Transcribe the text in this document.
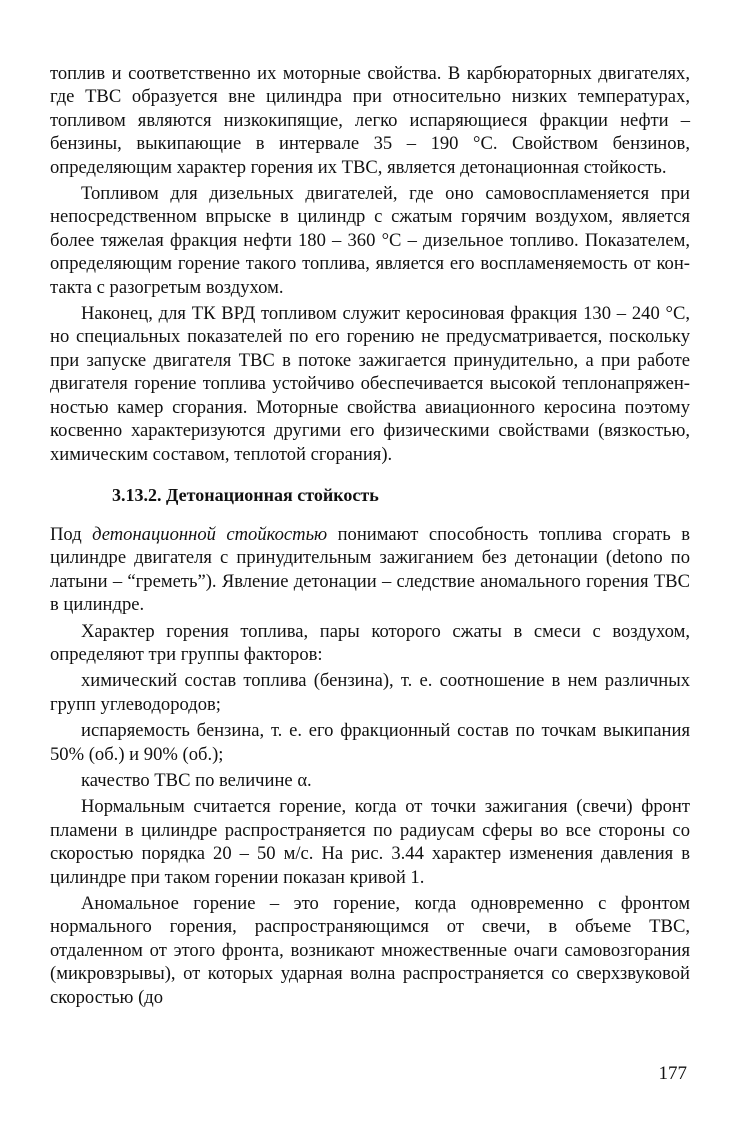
топлив и соответственно их моторные свойства. В карбюраторных двигателях, где ТВС образуется вне цилиндра при относительно низких температурах, топливом являются низкокипящие, легко испаряющиеся фракции нефти – бензины, выкипающие в интервале 35 – 190 °С. Свойством бензинов, определяющим характер горения их ТВС, является детонационная стойкость.

Топливом для дизельных двигателей, где оно самовоспламеняется при непосредственном впрыске в цилиндр с сжатым горячим воздухом, является более тяжелая фракция нефти 180 – 360 °С – дизельное топливо. Показателем, определяющим горение такого топлива, является его воспламеняемость от контакта с разогретым воздухом.

Наконец, для ТК ВРД топливом служит керосиновая фракция 130 – 240 °С, но специальных показателей по его горению не предусматривается, поскольку при запуске двигателя ТВС в потоке зажигается принудительно, а при работе двигателя горение топлива устойчиво обеспечивается высокой теплонапряженностью камер сгорания. Моторные свойства авиационного керосина поэтому косвенно характеризуются другими его физическими свойствами (вязкостью, химическим составом, теплотой сгорания).

3.13.2. Детонационная стойкость

Под детонационной стойкостью понимают способность топлива сгорать в цилиндре двигателя с принудительным зажиганием без детонации (detono по латыни – “греметь”). Явление детонации – следствие аномального горения ТВС в цилиндре.

Характер горения топлива, пары которого сжаты в смеси с воздухом, определяют три группы факторов:

химический состав топлива (бензина), т. е. соотношение в нем различных групп углеводородов;

испаряемость бензина, т. е. его фракционный состав по точкам выкипания 50% (об.) и 90% (об.);

качество ТВС по величине α.

Нормальным считается горение, когда от точки зажигания (свечи) фронт пламени в цилиндре распространяется по радиусам сферы во все стороны со скоростью порядка 20 – 50 м/с. На рис. 3.44 характер изменения давления в цилиндре при таком горении показан кривой 1.

Аномальное горение – это горение, когда одновременно с фронтом нормального горения, распространяющимся от свечи, в объеме ТВС, отдаленном от этого фронта, возникают множественные очаги самовозгорания (микровзрывы), от которых ударная волна распространяется со сверхзвуковой скоростью (до

177
